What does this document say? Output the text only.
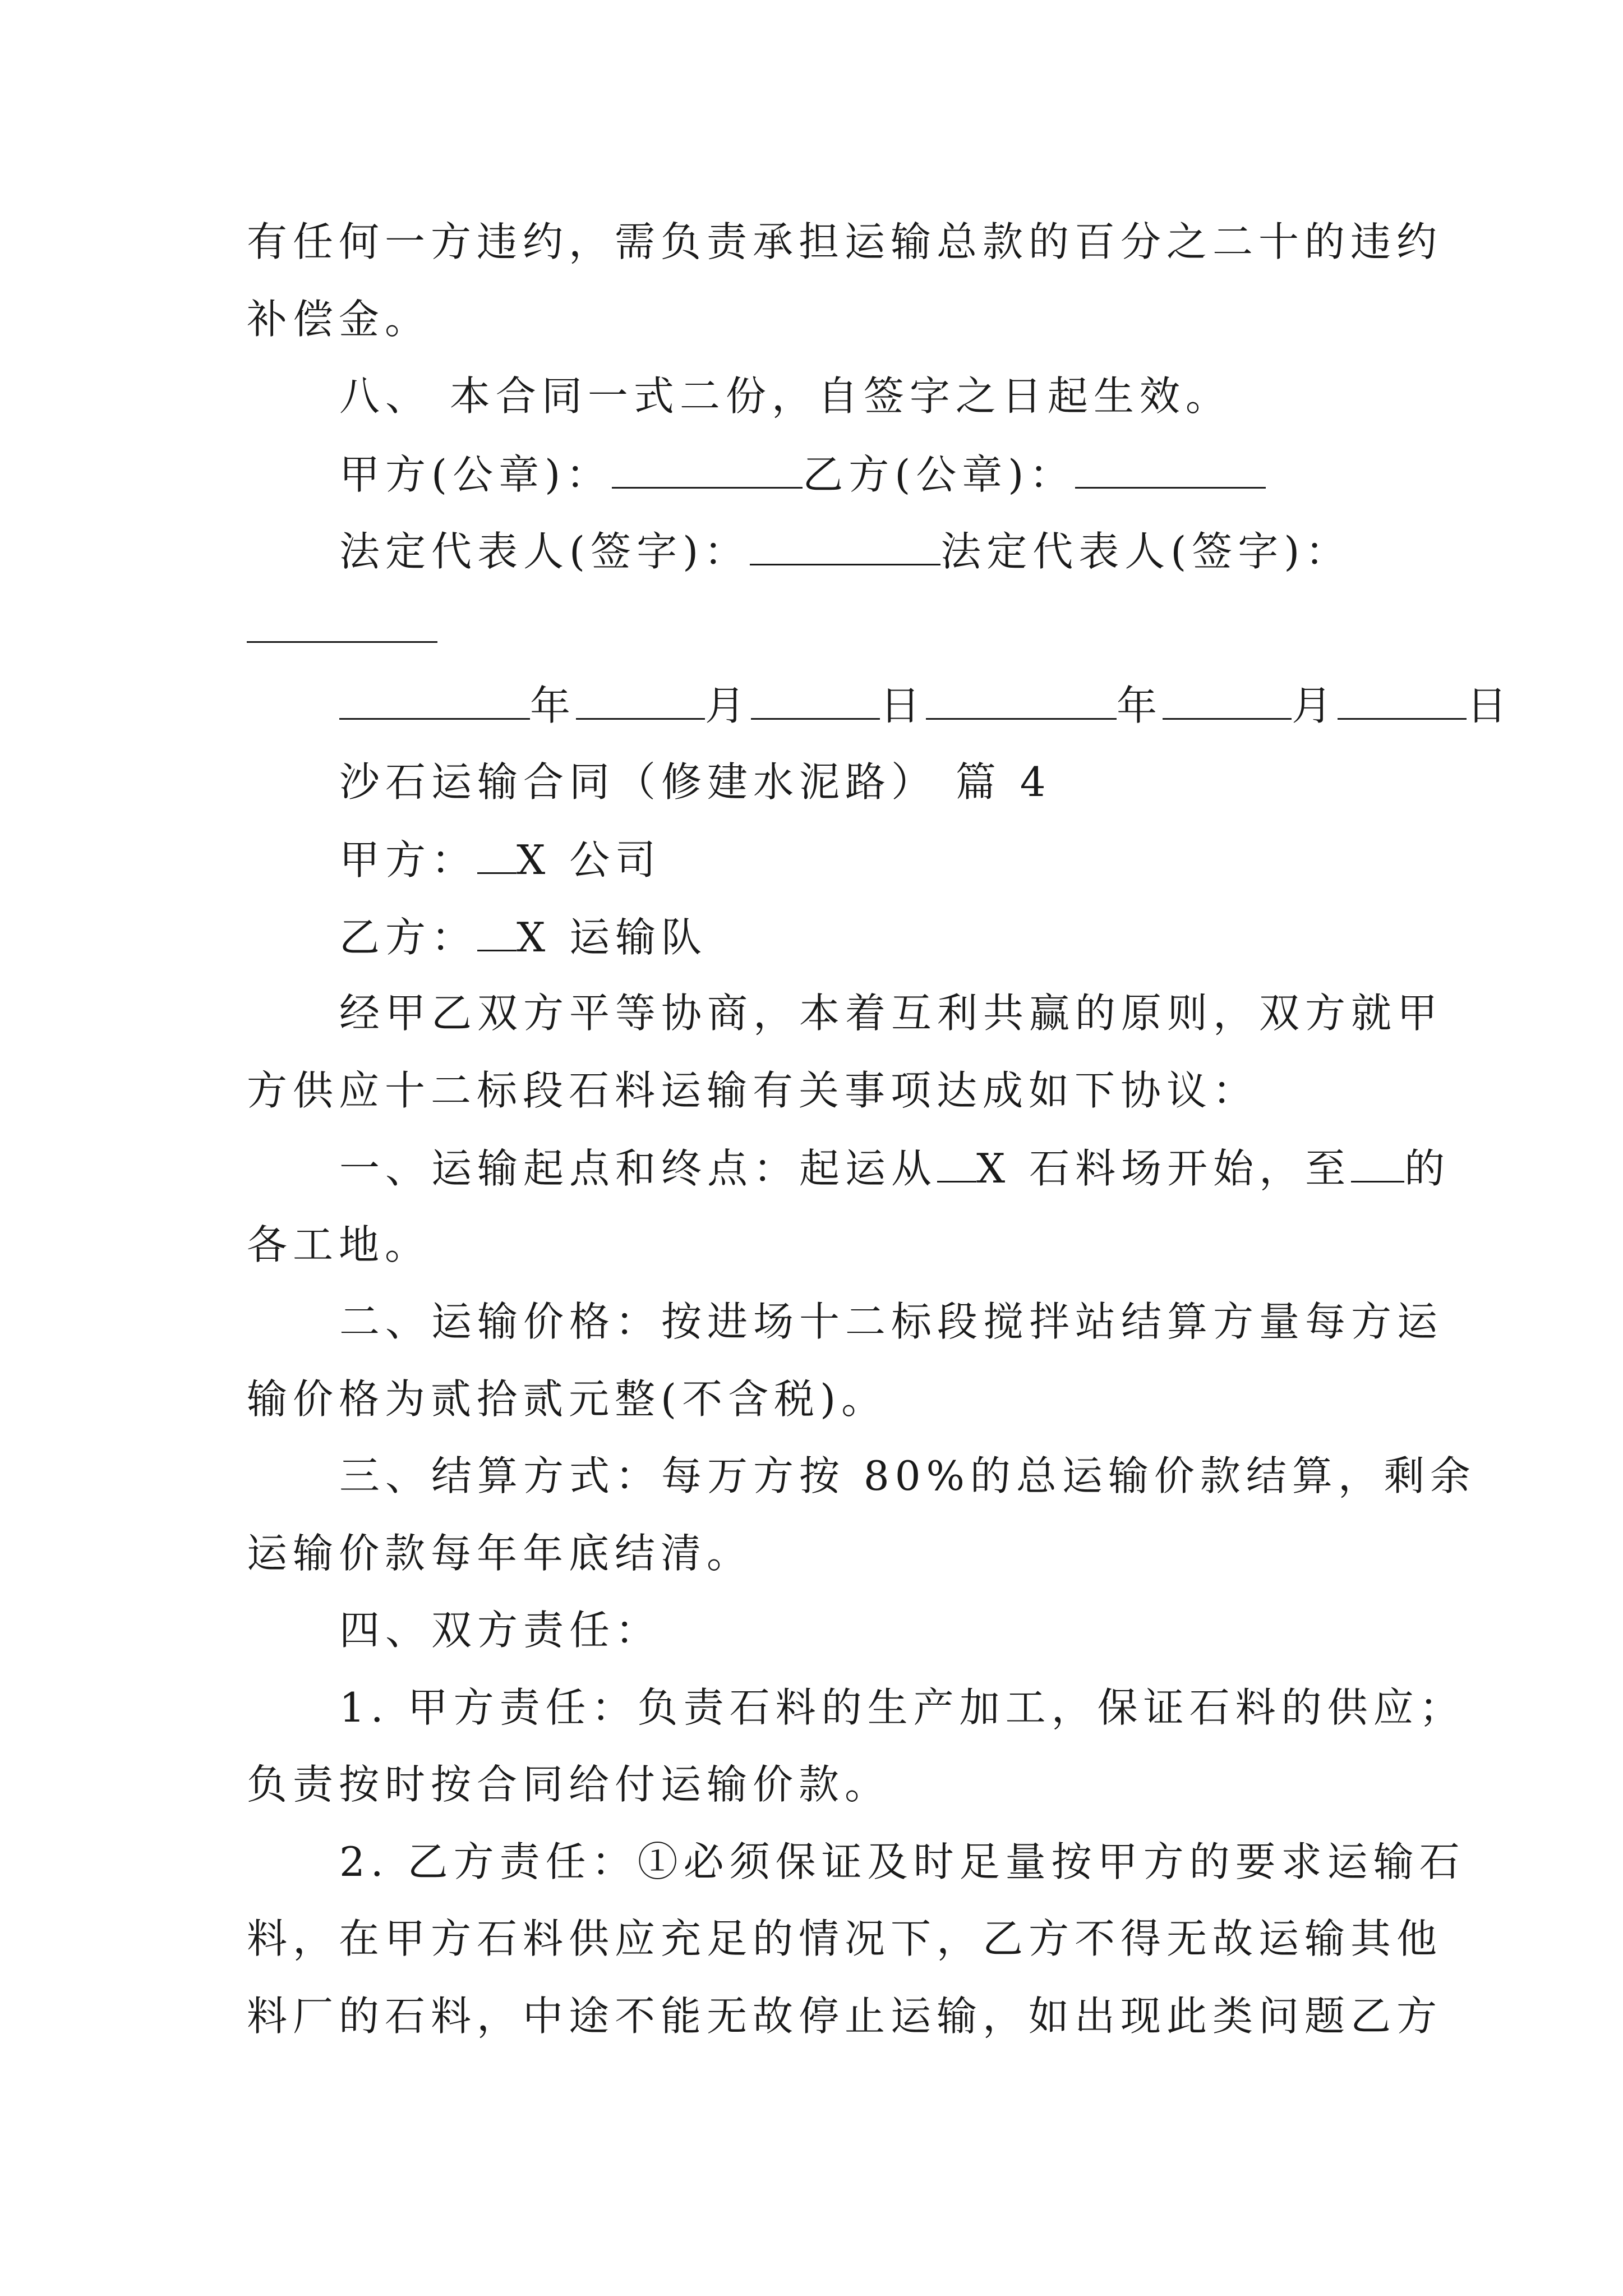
有任何一方违约，需负责承担运输总款的百分之二十的违约
补偿金。
八、 本合同一式二份，自签字之日起生效。
甲方(公章)：	乙方(公章)：
法定代表人(签字)：	法定代表人(签字)：
年	月	日	年	月	日
沙石运输合同（修建水泥路） 篇 4
甲方： X 公司
乙方： X 运输队
经甲乙双方平等协商，本着互利共赢的原则，双方就甲
方供应十二标段石料运输有关事项达成如下协议：
一、运输起点和终点：起运从 X 石料场开始，至 的
各工地。
二、运输价格：按进场十二标段搅拌站结算方量每方运
输价格为贰拾贰元整(不含税)。
三、结算方式：每万方按 80%的总运输价款结算，剩余
运输价款每年年底结清。
四、双方责任：
1. 甲方责任：负责石料的生产加工，保证石料的供应；
负责按时按合同给付运输价款。
2. 乙方责任：①必须保证及时足量按甲方的要求运输石
料，在甲方石料供应充足的情况下，乙方不得无故运输其他
料厂的石料，中途不能无故停止运输，如出现此类问题乙方
